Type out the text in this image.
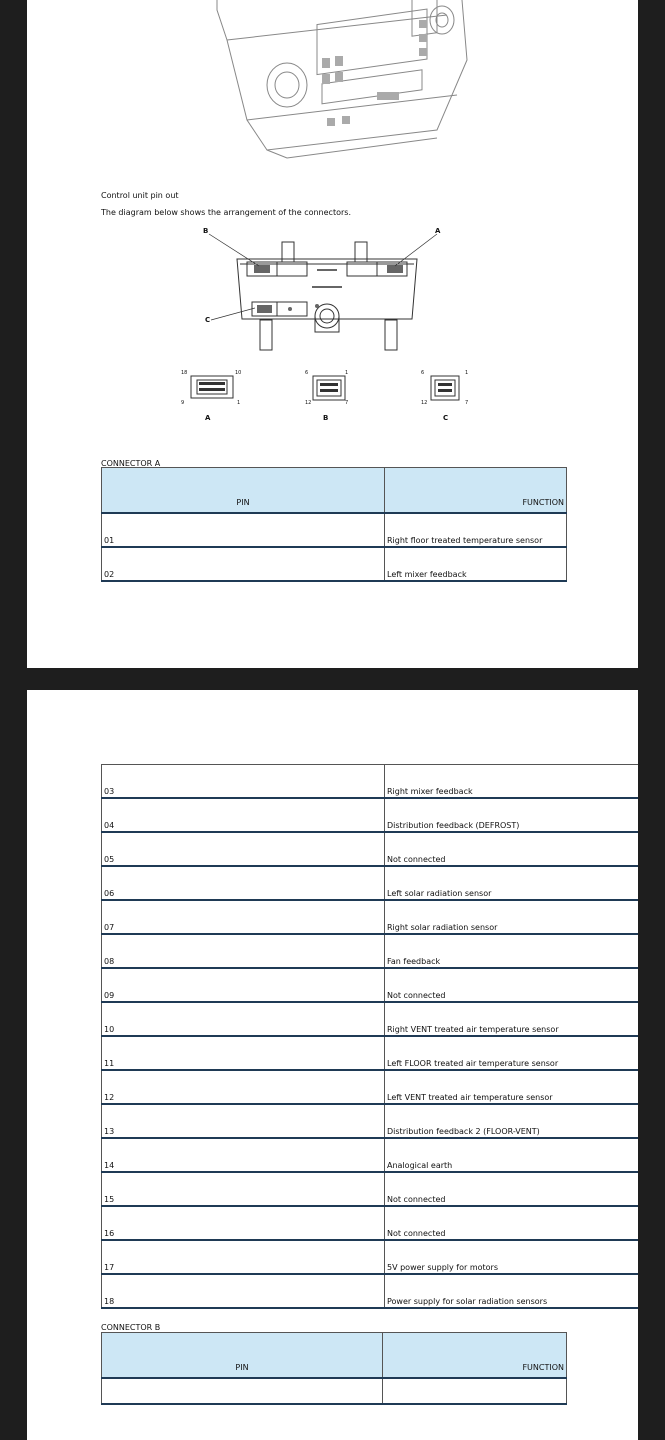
Control unit pin out
The diagram below shows the arrangement of the connectors.
B	A
C
18	10
9	1
A
6	1
12	7
B
6	1
12	7
C
CONNECTOR A
PIN	FUNCTION
01	Right floor treated temperature sensor
02	Left mixer feedback
03	Right mixer feedback
04	Distribution feedback (DEFROST)
05	Not connected
06	Left solar radiation sensor
07	Right solar radiation sensor
08	Fan feedback
09	Not connected
10	Right VENT treated air temperature sensor
11	Left FLOOR treated air temperature sensor
12	Left VENT treated air temperature sensor
13	Distribution feedback 2 (FLOOR-VENT)
14	Analogical earth
15	Not connected
16	Not connected
17	5V power supply for motors
18	Power supply for solar radiation sensors
CONNECTOR B
PIN	FUNCTION
